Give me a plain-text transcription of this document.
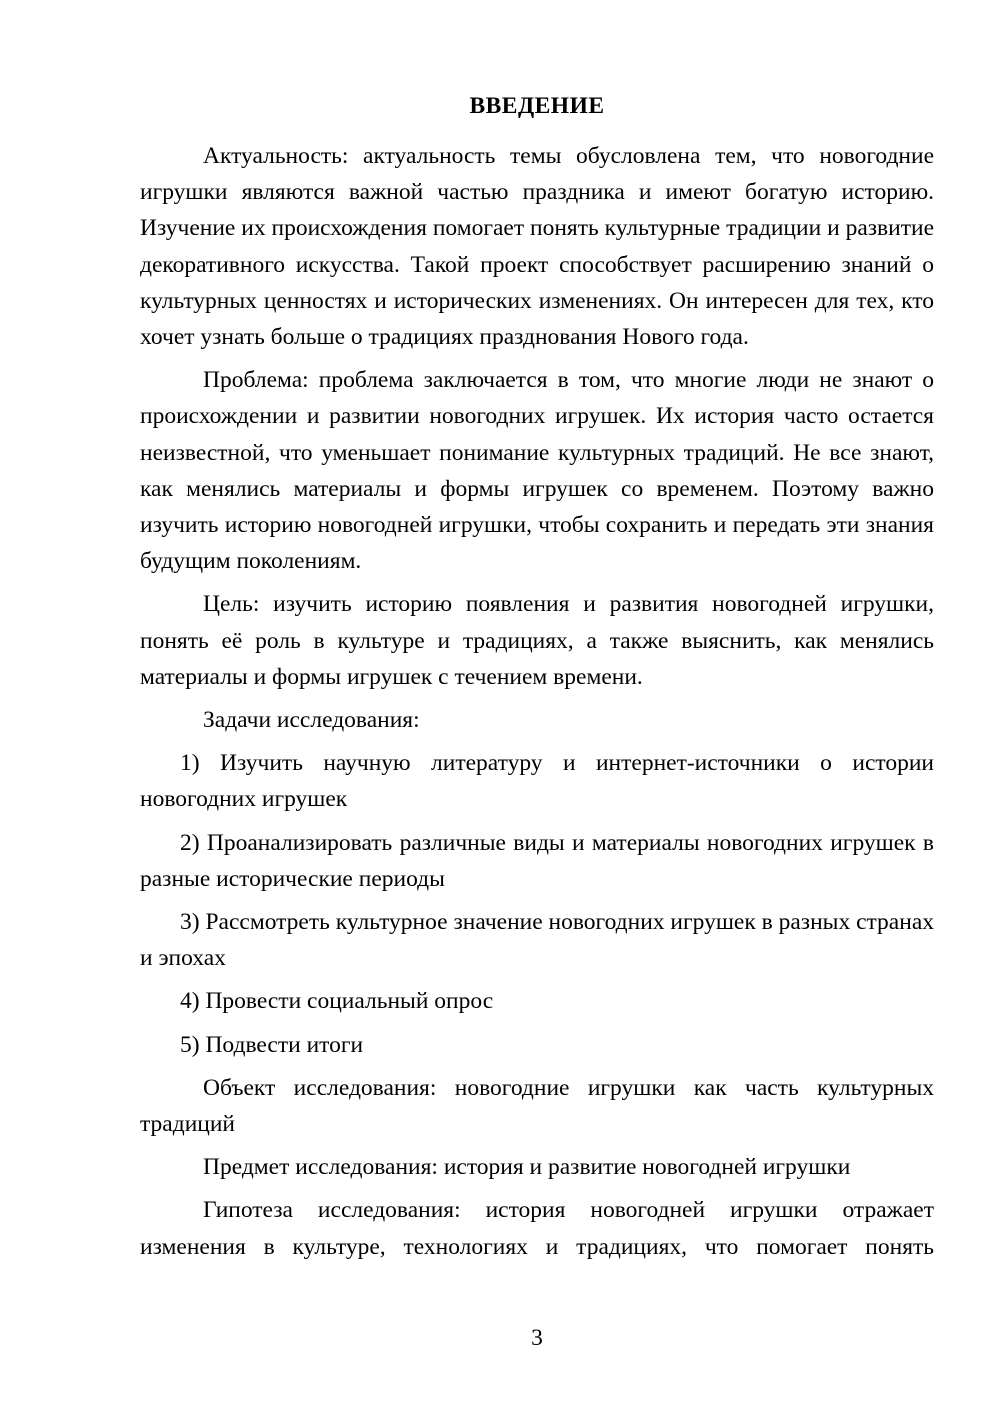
ВВЕДЕНИЕ

Актуальность: актуальность темы обусловлена тем, что новогодние игрушки являются важной частью праздника и имеют богатую историю. Изучение их происхождения помогает понять культурные традиции и развитие декоративного искусства. Такой проект способствует расширению знаний о культурных ценностях и исторических изменениях. Он интересен для тех, кто хочет узнать больше о традициях празднования Нового года.

Проблема: проблема заключается в том, что многие люди не знают о происхождении и развитии новогодних игрушек. Их история часто остается неизвестной, что уменьшает понимание культурных традиций. Не все знают, как менялись материалы и формы игрушек со временем. Поэтому важно изучить историю новогодней игрушки, чтобы сохранить и передать эти знания будущим поколениям.

Цель: изучить историю появления и развития новогодней игрушки, понять её роль в культуре и традициях, а также выяснить, как менялись материалы и формы игрушек с течением времени.

Задачи исследования:

1) Изучить научную литературу и интернет-источники о истории новогодних игрушек

2) Проанализировать различные виды и материалы новогодних игрушек в разные исторические периоды

3) Рассмотреть культурное значение новогодних игрушек в разных странах и эпохах

4) Провести социальный опрос

5) Подвести итоги

Объект исследования: новогодние игрушки как часть культурных традиций

Предмет исследования: история и развитие новогодней игрушки

Гипотеза исследования: история новогодней игрушки отражает изменения в культуре, технологиях и традициях, что помогает понять

3
